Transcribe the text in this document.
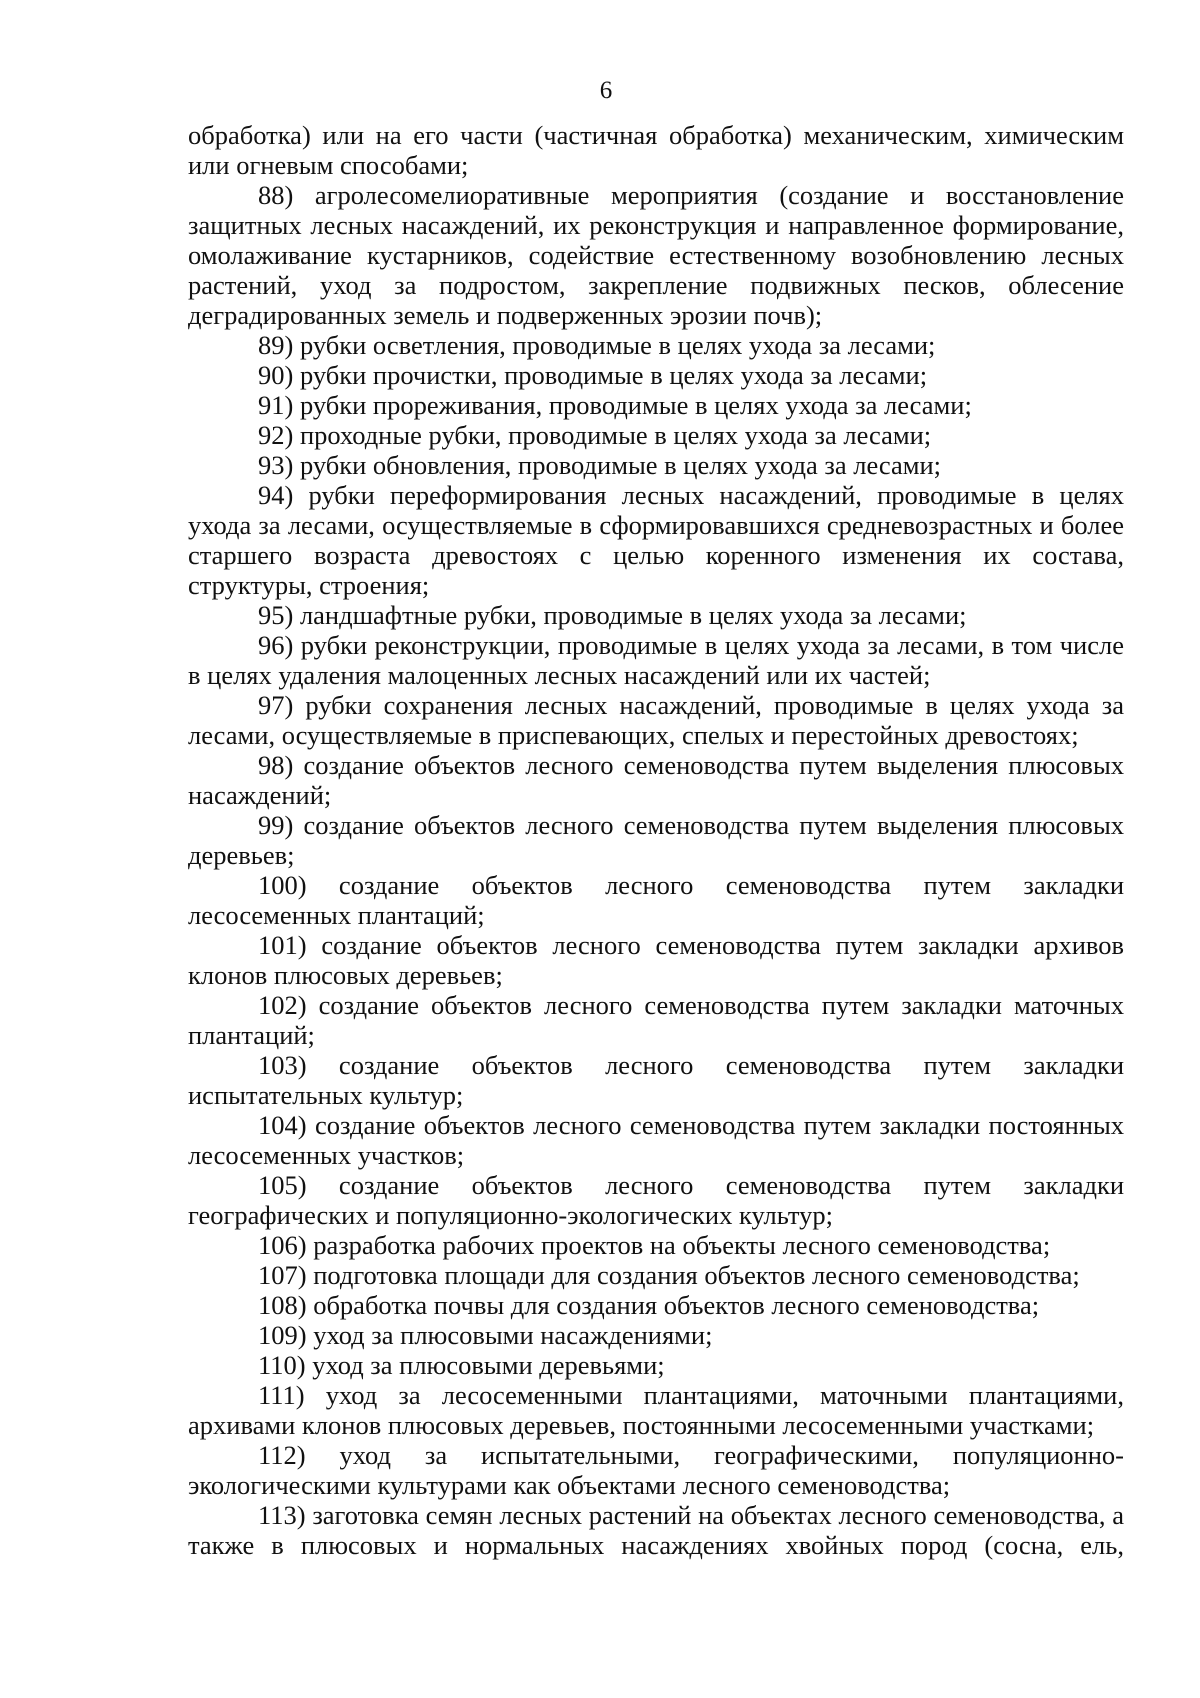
6

обработка) или на его части (частичная обработка) механическим, химическим или огневым способами;

88) агролесомелиоративные мероприятия (создание и восстановление защитных лесных насаждений, их реконструкция и направленное формирование, омолаживание кустарников, содействие естественному возобновлению лесных растений, уход за подростом, закрепление подвижных песков, облесение деградированных земель и подверженных эрозии почв);

89) рубки осветления, проводимые в целях ухода за лесами;

90) рубки прочистки, проводимые в целях ухода за лесами;

91) рубки прореживания, проводимые в целях ухода за лесами;

92) проходные рубки, проводимые в целях ухода за лесами;

93) рубки обновления, проводимые в целях ухода за лесами;

94) рубки переформирования лесных насаждений, проводимые в целях ухода за лесами, осуществляемые в сформировавшихся средневозрастных и более старшего возраста древостоях с целью коренного изменения их состава, структуры, строения;

95) ландшафтные рубки, проводимые в целях ухода за лесами;

96) рубки реконструкции, проводимые в целях ухода за лесами, в том числе в целях удаления малоценных лесных насаждений или их частей;

97) рубки сохранения лесных насаждений, проводимые в целях ухода за лесами, осуществляемые в приспевающих, спелых и перестойных древостоях;

98) создание объектов лесного семеноводства путем выделения плюсовых насаждений;

99) создание объектов лесного семеноводства путем выделения плюсовых деревьев;

100) создание объектов лесного семеноводства путем закладки лесосеменных плантаций;

101) создание объектов лесного семеноводства путем закладки архивов клонов плюсовых деревьев;

102) создание объектов лесного семеноводства путем закладки маточных плантаций;

103) создание объектов лесного семеноводства путем закладки испытательных культур;

104) создание объектов лесного семеноводства путем закладки постоянных лесосеменных участков;

105) создание объектов лесного семеноводства путем закладки географических и популяционно-экологических культур;

106) разработка рабочих проектов на объекты лесного семеноводства;

107) подготовка площади для создания объектов лесного семеноводства;

108) обработка почвы для создания объектов лесного семеноводства;

109) уход за плюсовыми насаждениями;

110) уход за плюсовыми деревьями;

111) уход за лесосеменными плантациями, маточными плантациями, архивами клонов плюсовых деревьев, постоянными лесосеменными участками;

112) уход за испытательными, географическими, популяционно-экологическими культурами как объектами лесного семеноводства;

113) заготовка семян лесных растений на объектах лесного семеноводства, а также в плюсовых и нормальных насаждениях хвойных пород (сосна, ель,
